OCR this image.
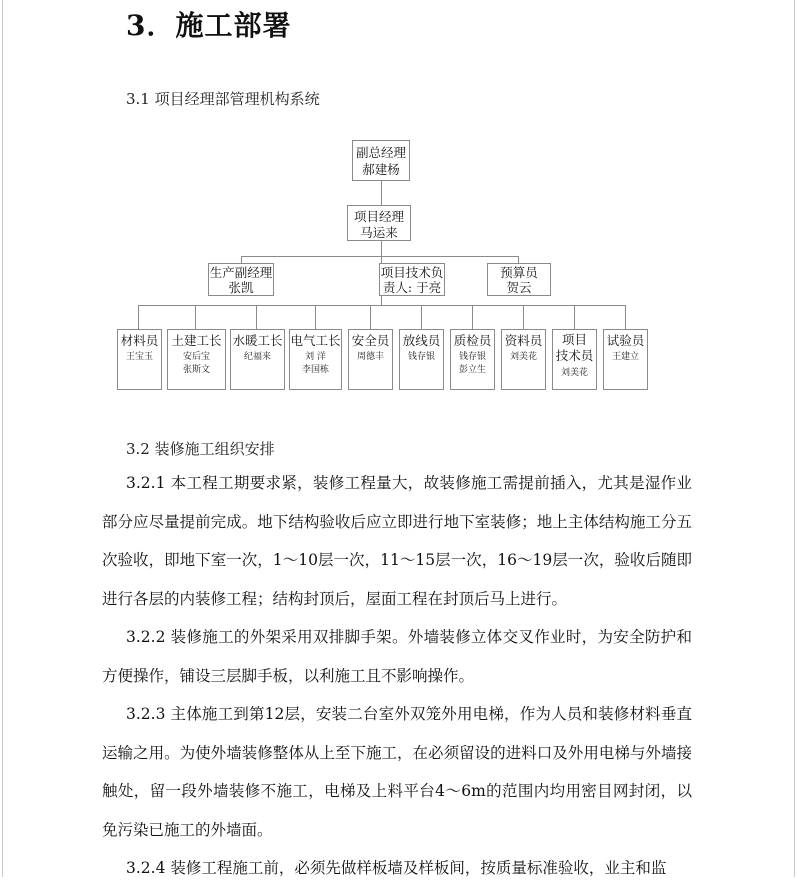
3．施工部署
3.1 项目经理部管理机构系统
副总经理
郝建杨
项目经理
马运来
生产副经理
张凯
项目技术负
责人: 于亮
预算员
贺云
材料员
王宝玉
土建工长
安后宝
张斯文
水暖工长
纪福来
电气工长
刘 洋
李国栋
安全员
周德丰
放线员
钱存银
质检员
钱存银
彭立生
资料员
刘美花
项目
技术员
刘美花
试验员
王建立
3.2 装修施工组织安排

3.2.1 本工程工期要求紧，装修工程量大，故装修施工需提前插入，尤其是湿作业部分应尽量提前完成。地下结构验收后应立即进行地下室装修；地上主体结构施工分五次验收，即地下室一次，1～10层一次，11～15层一次，16～19层一次，验收后随即进行各层的内装修工程；结构封顶后，屋面工程在封顶后马上进行。

3.2.2 装修施工的外架采用双排脚手架。外墙装修立体交叉作业时，为安全防护和方便操作，铺设三层脚手板，以利施工且不影响操作。

3.2.3 主体施工到第12层，安装二台室外双笼外用电梯，作为人员和装修材料垂直运输之用。为使外墙装修整体从上至下施工，在必须留设的进料口及外用电梯与外墙接触处，留一段外墙装修不施工，电梯及上料平台4～6m的范围内均用密目网封闭，以免污染已施工的外墙面。

3.2.4 装修工程施工前，必须先做样板墙及样板间，按质量标准验收，业主和监
